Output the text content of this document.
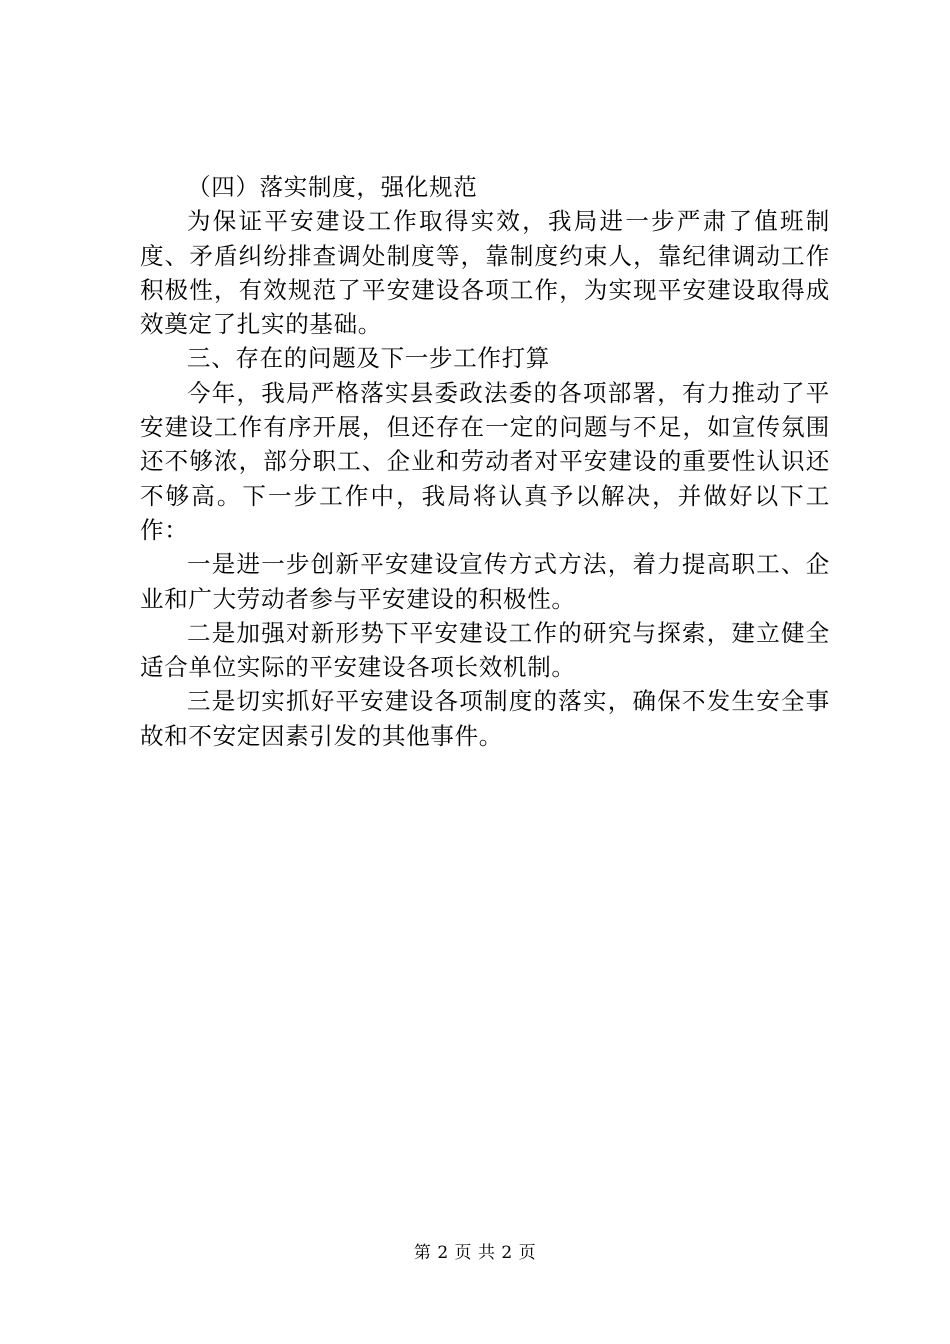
（四）落实制度，强化规范

为保证平安建设工作取得实效，我局进一步严肃了值班制度、矛盾纠纷排查调处制度等，靠制度约束人，靠纪律调动工作积极性，有效规范了平安建设各项工作，为实现平安建设取得成效奠定了扎实的基础。

三、存在的问题及下一步工作打算

今年，我局严格落实县委政法委的各项部署，有力推动了平安建设工作有序开展，但还存在一定的问题与不足，如宣传氛围还不够浓，部分职工、企业和劳动者对平安建设的重要性认识还不够高。下一步工作中，我局将认真予以解决，并做好以下工作：

一是进一步创新平安建设宣传方式方法，着力提高职工、企业和广大劳动者参与平安建设的积极性。

二是加强对新形势下平安建设工作的研究与探索，建立健全适合单位实际的平安建设各项长效机制。

三是切实抓好平安建设各项制度的落实，确保不发生安全事故和不安定因素引发的其他事件。

第 2 页 共 2 页
